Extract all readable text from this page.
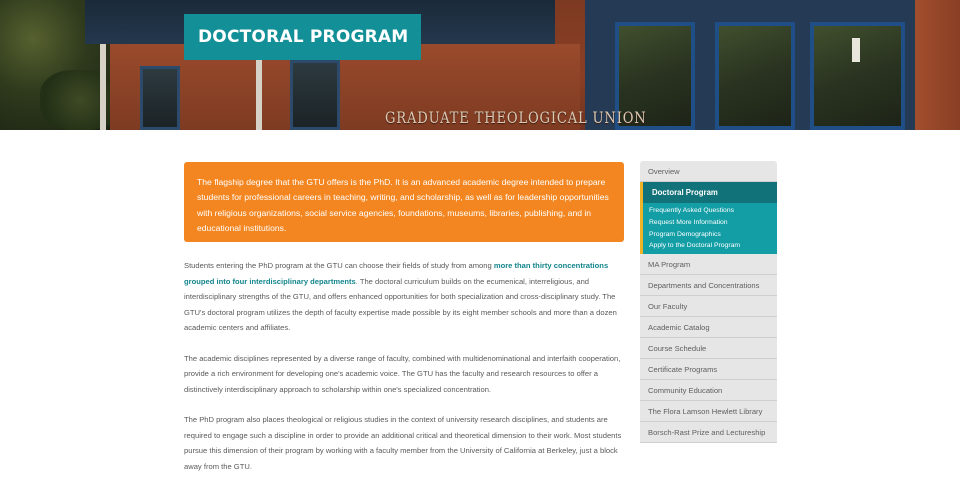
GRADUATE THEOLOGICAL UNION
DOCTORAL PROGRAM

The flagship degree that the GTU offers is the PhD. It is an advanced academic degree intended to prepare students for professional careers in teaching, writing, and scholarship, as well as for leadership opportunities with religious organizations, social service agencies, foundations, museums, libraries, publishing, and in educational institutions.

Students entering the PhD program at the GTU can choose their fields of study from among more than thirty concentrations grouped into four interdisciplinary departments. The doctoral curriculum builds on the ecumenical, interreligious, and interdisciplinary strengths of the GTU, and offers enhanced opportunities for both specialization and cross-disciplinary study. The GTU's doctoral program utilizes the depth of faculty expertise made possible by its eight member schools and more than a dozen academic centers and affiliates.

The academic disciplines represented by a diverse range of faculty, combined with multidenominational and interfaith cooperation, provide a rich environment for developing one's academic voice. The GTU has the faculty and research resources to offer a distinctively interdisciplinary approach to scholarship within one's specialized concentration.

The PhD program also places theological or religious studies in the context of university research disciplines, and students are required to engage such a discipline in order to provide an additional critical and theoretical dimension to their work. Most students pursue this dimension of their program by working with a faculty member from the University of California at Berkeley, just a block away from the GTU.

Overview
Doctoral Program
Frequently Asked Questions
Request More Information
Program Demographics
Apply to the Doctoral Program
MA Program
Departments and Concentrations
Our Faculty
Academic Catalog
Course Schedule
Certificate Programs
Community Education
The Flora Lamson Hewlett Library
Borsch-Rast Prize and Lectureship
